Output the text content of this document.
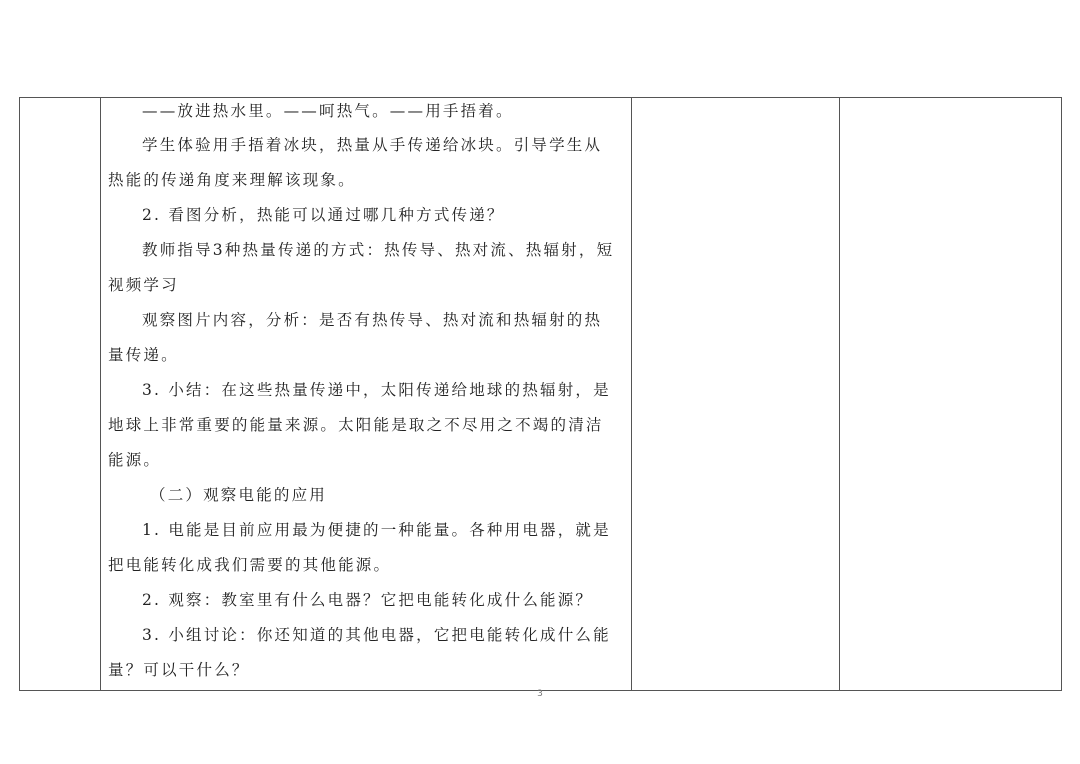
——放进热水里。——呵热气。——用手捂着。
学生体验用手捂着冰块，热量从手传递给冰块。引导学生从
热能的传递角度来理解该现象。
2. 看图分析，热能可以通过哪几种方式传递？
教师指导3种热量传递的方式：热传导、热对流、热辐射，短
视频学习
观察图片内容，分析：是否有热传导、热对流和热辐射的热
量传递。
3. 小结：在这些热量传递中，太阳传递给地球的热辐射，是
地球上非常重要的能量来源。太阳能是取之不尽用之不竭的清洁
能源。
（二）观察电能的应用
1. 电能是目前应用最为便捷的一种能量。各种用电器，就是
把电能转化成我们需要的其他能源。
2. 观察：教室里有什么电器？它把电能转化成什么能源？
3. 小组讨论：你还知道的其他电器，它把电能转化成什么能
量？可以干什么？
3
